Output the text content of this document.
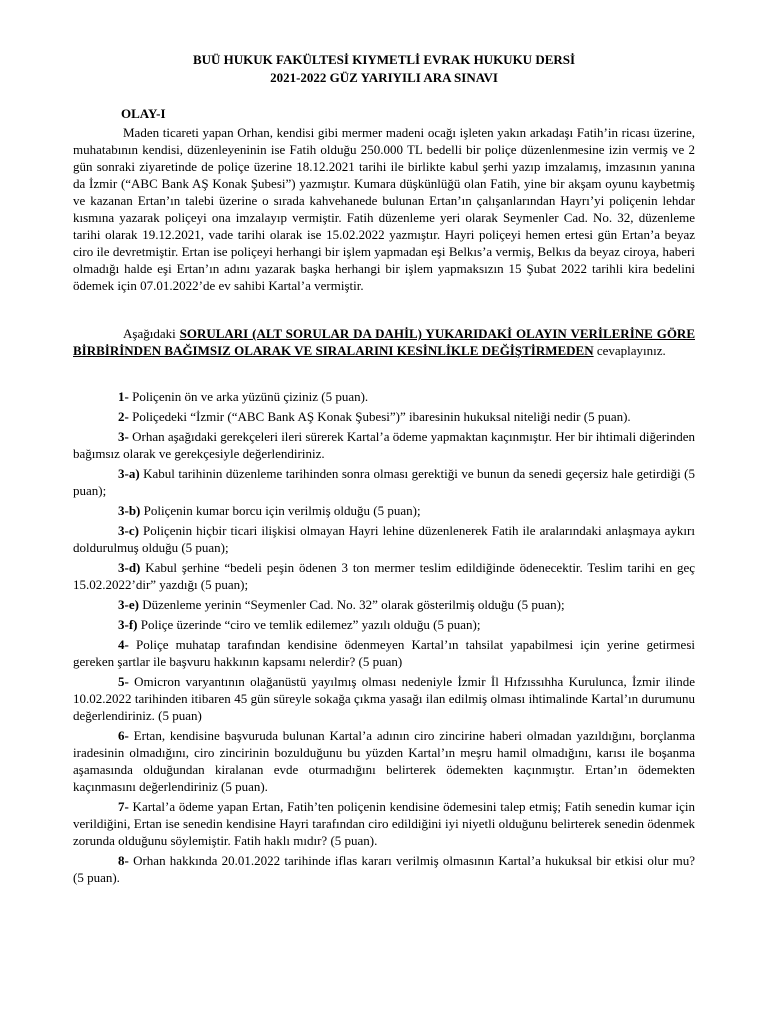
BUÜ HUKUK FAKÜLTESİ KIYMETLİ EVRAK HUKUKU DERSİ

2021-2022 GÜZ YARIYILI ARA SINAVI

OLAY-I

Maden ticareti yapan Orhan, kendisi gibi mermer madeni ocağı işleten yakın arkadaşı Fatih’in ricası üzerine, muhatabının kendisi, düzenleyeninin ise Fatih olduğu 250.000 TL bedelli bir poliçe düzenlenmesine izin vermiş ve 2 gün sonraki ziyaretinde de poliçe üzerine 18.12.2021 tarihi ile birlikte kabul şerhi yazıp imzalamış, imzasının yanına da İzmir (“ABC Bank AŞ Konak Şubesi”) yazmıştır. Kumara düşkünlüğü olan Fatih, yine bir akşam oyunu kaybetmiş ve kazanan Ertan’ın talebi üzerine o sırada kahvehanede bulunan Ertan’ın çalışanlarından Hayrı’yi poliçenin lehdar kısmına yazarak poliçeyi ona imzalayıp vermiştir. Fatih düzenleme yeri olarak Seymenler Cad. No. 32, düzenleme tarihi olarak 19.12.2021, vade tarihi olarak ise 15.02.2022 yazmıştır. Hayri poliçeyi hemen ertesi gün Ertan’a beyaz ciro ile devretmiştir. Ertan ise poliçeyi herhangi bir işlem yapmadan eşi Belkıs’a vermiş, Belkıs da beyaz ciroya, haberi olmadığı halde eşi Ertan’ın adını yazarak başka herhangi bir işlem yapmaksızın 15 Şubat 2022 tarihli kira bedelini ödemek için 07.01.2022’de ev sahibi Kartal’a vermiştir.

Aşağıdaki SORULARI (ALT SORULAR DA DAHİL) YUKARIDAKİ OLAYIN VERİLERİNE GÖRE BİRBİRİNDEN BAĞIMSIZ OLARAK VE SIRALARINI KESİNLİKLE DEĞİŞTİRMEDEN cevaplayınız.

1- Poliçenin ön ve arka yüzünü çiziniz (5 puan).

2- Poliçedeki “İzmir (“ABC Bank AŞ Konak Şubesi”)” ibaresinin hukuksal niteliği nedir (5 puan).

3- Orhan aşağıdaki gerekçeleri ileri sürerek Kartal’a ödeme yapmaktan kaçınmıştır. Her bir ihtimali diğerinden bağımsız olarak ve gerekçesiyle değerlendiriniz.

3-a) Kabul tarihinin düzenleme tarihinden sonra olması gerektiği ve bunun da senedi geçersiz hale getirdiği (5 puan);

3-b) Poliçenin kumar borcu için verilmiş olduğu (5 puan);

3-c) Poliçenin hiçbir ticari ilişkisi olmayan Hayri lehine düzenlenerek Fatih ile aralarındaki anlaşmaya aykırı doldurulmuş olduğu (5 puan);

3-d) Kabul şerhine “bedeli peşin ödenen 3 ton mermer teslim edildiğinde ödenecektir. Teslim tarihi en geç 15.02.2022’dir” yazdığı (5 puan);

3-e) Düzenleme yerinin “Seymenler Cad. No. 32” olarak gösterilmiş olduğu (5 puan);

3-f) Poliçe üzerinde “ciro ve temlik edilemez” yazılı olduğu (5 puan);

4- Poliçe muhatap tarafından kendisine ödenmeyen Kartal’ın tahsilat yapabilmesi için yerine getirmesi gereken şartlar ile başvuru hakkının kapsamı nelerdir? (5 puan)

5- Omicron varyantının olağanüstü yayılmış olması nedeniyle İzmir İl Hıfzıssıhha Kurulunca, İzmir ilinde 10.02.2022 tarihinden itibaren 45 gün süreyle sokağa çıkma yasağı ilan edilmiş olması ihtimalinde Kartal’ın durumunu değerlendiriniz. (5 puan)

6- Ertan, kendisine başvuruda bulunan Kartal’a adının ciro zincirine haberi olmadan yazıldığını, borçlanma iradesinin olmadığını, ciro zincirinin bozulduğunu bu yüzden Kartal’ın meşru hamil olmadığını, karısı ile boşanma aşamasında olduğundan kiralanan evde oturmadığını belirterek ödemekten kaçınmıştır. Ertan’ın ödemekten kaçınmasını değerlendiriniz (5 puan).

7- Kartal’a ödeme yapan Ertan, Fatih’ten poliçenin kendisine ödemesini talep etmiş; Fatih senedin kumar için verildiğini, Ertan ise senedin kendisine Hayri tarafından ciro edildiğini iyi niyetli olduğunu belirterek senedin ödenmek zorunda olduğunu söylemiştir. Fatih haklı mıdır? (5 puan).

8- Orhan hakkında 20.01.2022 tarihinde iflas kararı verilmiş olmasının Kartal’a hukuksal bir etkisi olur mu? (5 puan).
